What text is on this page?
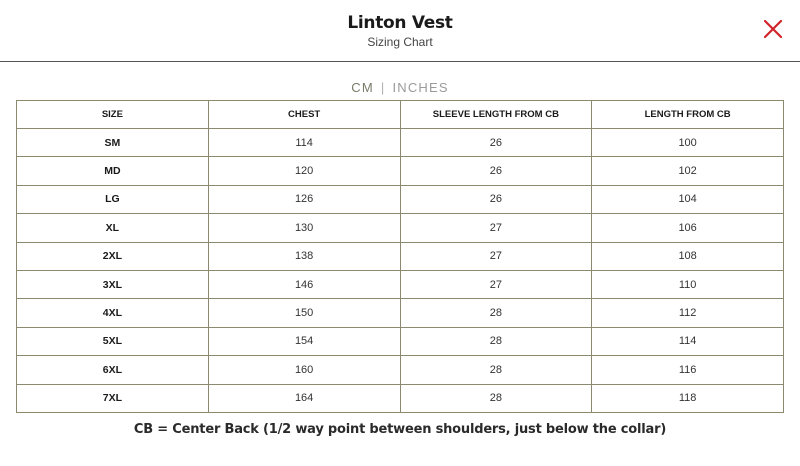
Linton Vest
Sizing Chart
CM | INCHES
SIZE	CHEST	SLEEVE LENGTH FROM CB	LENGTH FROM CB
SM	114	26	100
MD	120	26	102
LG	126	26	104
XL	130	27	106
2XL	138	27	108
3XL	146	27	110
4XL	150	28	112
5XL	154	28	114
6XL	160	28	116
7XL	164	28	118
CB = Center Back (1/2 way point between shoulders, just below the collar)
